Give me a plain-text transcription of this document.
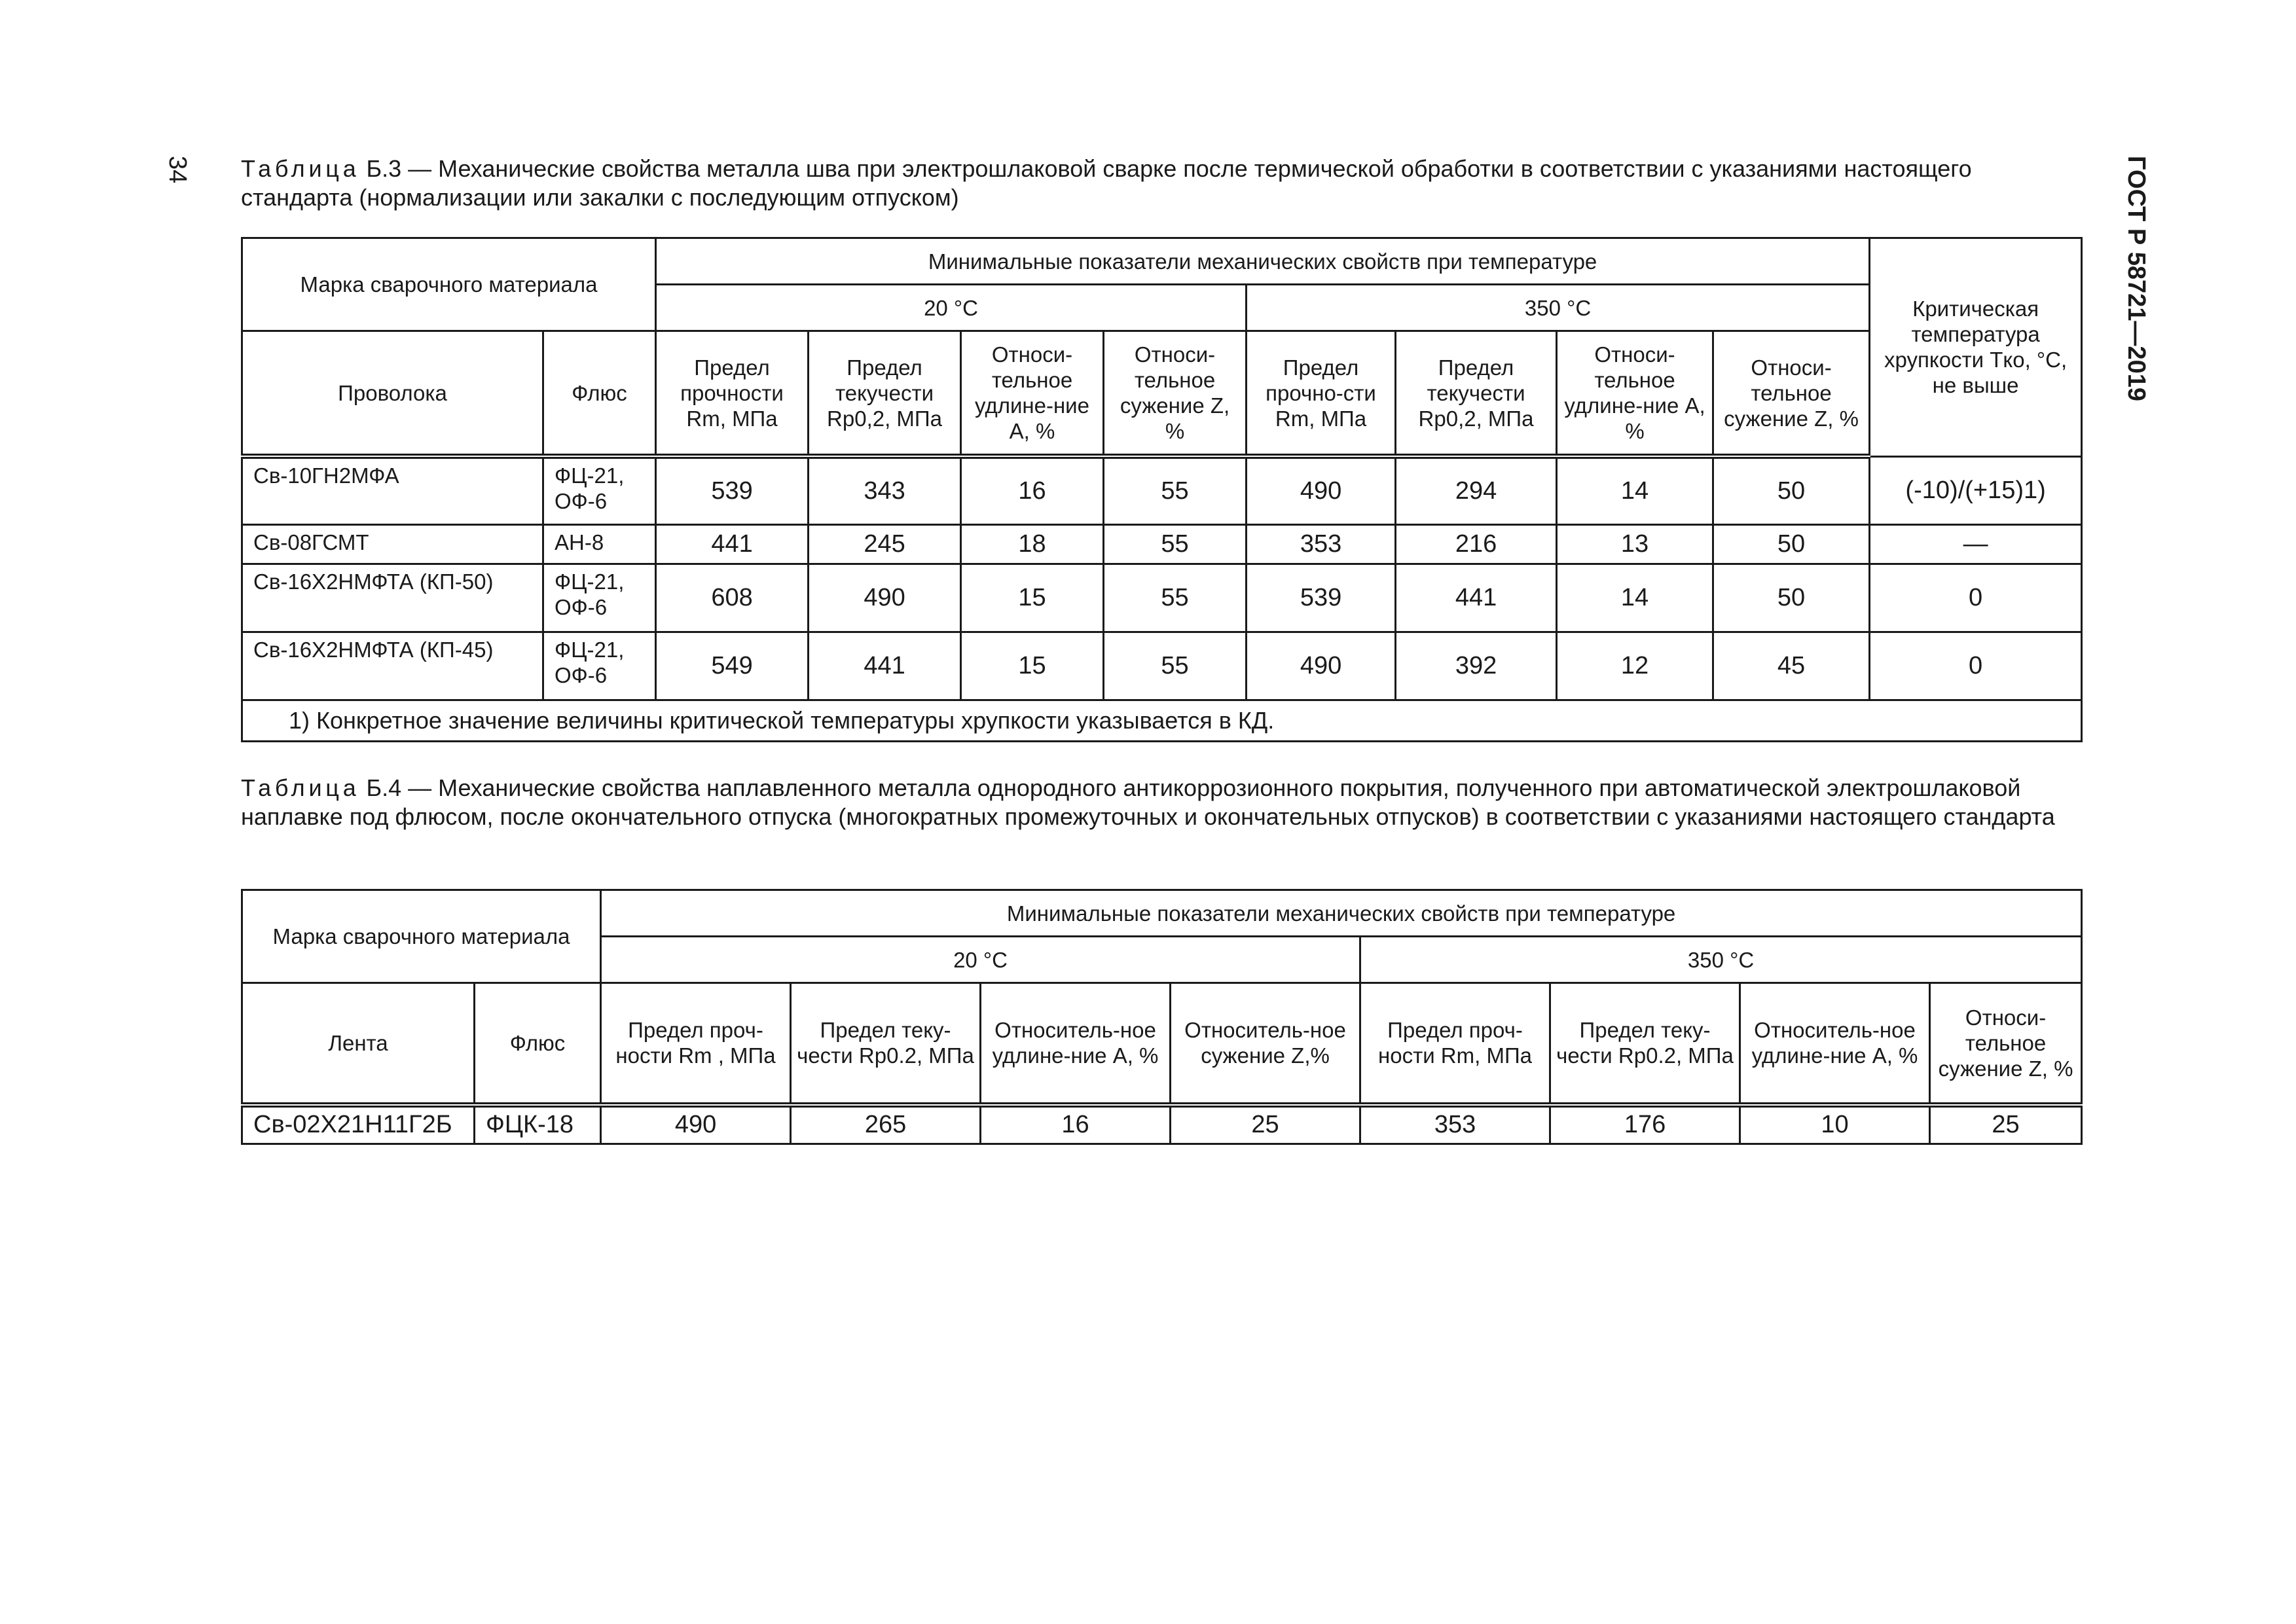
34	ГОСТ Р 58721—2019
Таблица Б.3 — Механические свойства металла шва при электрошлаковой сварке после термической обработки в соответствии с указаниями настоящего стандарта (нормализации или закалки с последующим отпуском)
Марка сварочного материала		Минимальные показатели механических свойств при температуре								Критическая температура хрупкости Tко, °С, не выше
		20 °C				350 °C				
Проволока	Флюс	Предел прочности Rm, МПа	Предел текучести Rp0,2, МПа	Относи-тельное удлине-ние A, %	Относи-тельное сужение Z, %	Предел прочно-сти Rm, МПа	Предел текучести Rp0,2, МПа	Относи-тельное удлине-ние A, %	Относи-тельное сужение Z, %	
Св-10ГН2МФА	ФЦ-21, ОФ-6	539	343	16	55	490	294	14	50	(-10)/(+15)1)
Св-08ГСМТ	АН-8	441	245	18	55	353	216	13	50	—
Св-16Х2НМФТА (КП-50)	ФЦ-21, ОФ-6	608	490	15	55	539	441	14	50	0
Св-16Х2НМФТА (КП-45)	ФЦ-21, ОФ-6	549	441	15	55	490	392	12	45	0
1) Конкретное значение величины критической температуры хрупкости указывается в КД.										
Таблица Б.4 — Механические свойства наплавленного металла однородного антикоррозионного покрытия, полученного при автоматической электрошлаковой наплавке под флюсом, после окончательного отпуска (многократных промежуточных и окончательных отпусков) в соответствии с указаниями настоящего стандарта
Марка сварочного материала		Минимальные показатели механических свойств при температуре							
		20 °C				350 °C			
Лента	Флюс	Предел проч-ности Rm , МПа	Предел теку-чести Rp0.2, МПа	Относитель-ное удлине-ние A, %	Относитель-ное сужение Z,%	Предел проч-ности Rm, МПа	Предел теку-чести Rp0.2, МПа	Относитель-ное удлине-ние A, %	Относи-тельное сужение Z, %
Св-02Х21Н11Г2Б	ФЦК-18	490	265	16	25	353	176	10	25
